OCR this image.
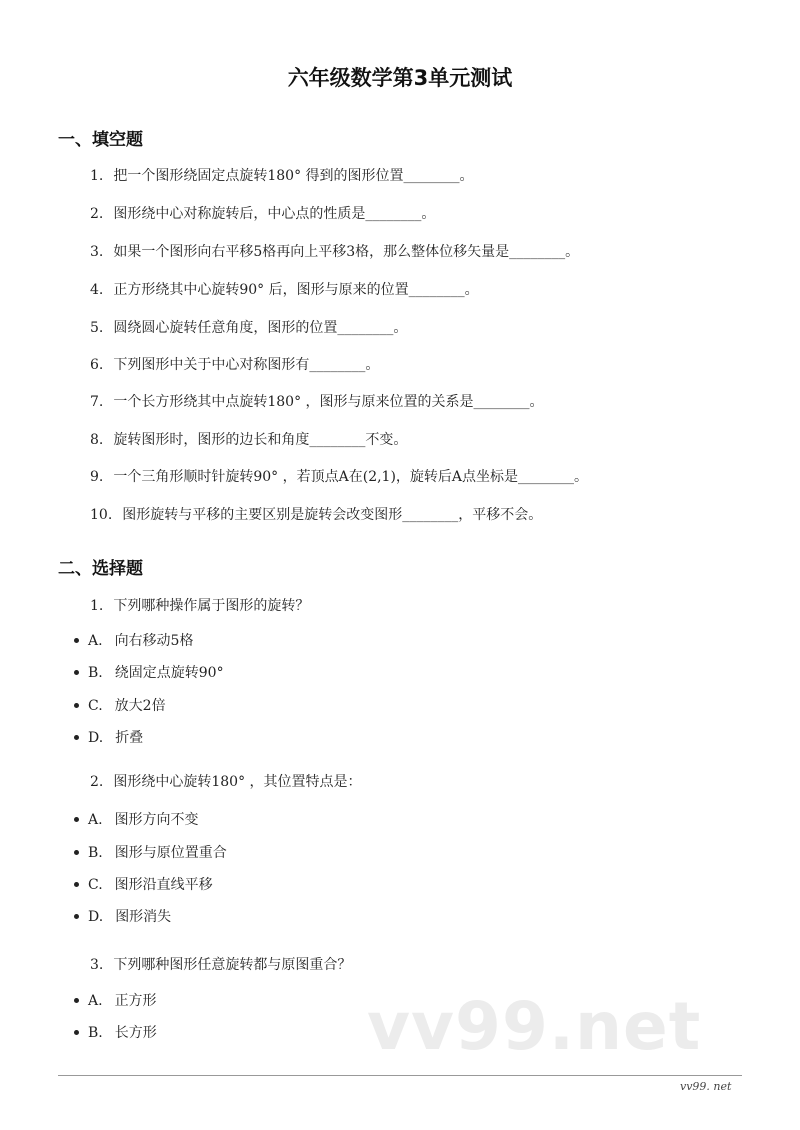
六年级数学第3单元测试
一、填空题
1. 把一个图形绕固定点旋转180° 得到的图形位置________。
2. 图形绕中心对称旋转后，中心点的性质是________。
3. 如果一个图形向右平移5格再向上平移3格，那么整体位移矢量是________。
4. 正方形绕其中心旋转90° 后，图形与原来的位置________。
5. 圆绕圆心旋转任意角度，图形的位置________。
6. 下列图形中关于中心对称图形有________。
7. 一个长方形绕其中点旋转180° ，图形与原来位置的关系是________。
8. 旋转图形时，图形的边长和角度________不变。
9. 一个三角形顺时针旋转90° ，若顶点A在(2,1)，旋转后A点坐标是________。
10. 图形旋转与平移的主要区别是旋转会改变图形________，平移不会。
二、选择题
1. 下列哪种操作属于图形的旋转？
A. 向右移动5格
B. 绕固定点旋转90°
C. 放大2倍
D. 折叠
2. 图形绕中心旋转180° ，其位置特点是：
A. 图形方向不变
B. 图形与原位置重合
C. 图形沿直线平移
D. 图形消失
3. 下列哪种图形任意旋转都与原图重合？
A. 正方形
B. 长方形	vv99.net
vv99. net
